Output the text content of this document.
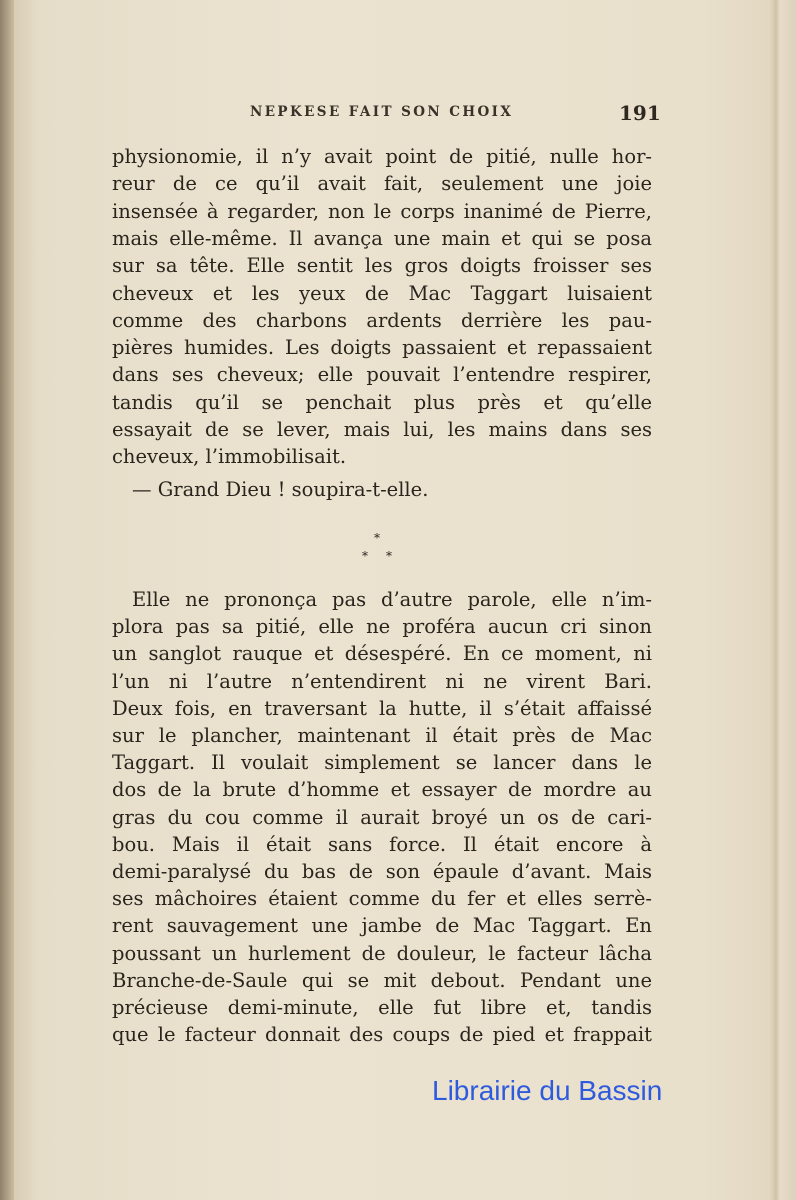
NEPKESE FAIT SON CHOIX	191
physionomie, il n’y avait point de pitié, nulle hor-
reur de ce qu’il avait fait, seulement une joie
insensée à regarder, non le corps inanimé de Pierre,
mais elle-même. Il avança une main et qui se posa
sur sa tête. Elle sentit les gros doigts froisser ses
cheveux et les yeux de Mac Taggart luisaient
comme des charbons ardents derrière les pau-
pières humides. Les doigts passaient et repassaient
dans ses cheveux; elle pouvait l’entendre respirer,
tandis qu’il se penchait plus près et qu’elle
essayait de se lever, mais lui, les mains dans ses
cheveux, l’immobilisait.
— Grand Dieu ! soupira-t-elle.
Elle ne prononça pas d’autre parole, elle n’im-
plora pas sa pitié, elle ne proféra aucun cri sinon
un sanglot rauque et désespéré. En ce moment, ni
l’un ni l’autre n’entendirent ni ne virent Bari.
Deux fois, en traversant la hutte, il s’était affaissé
sur le plancher, maintenant il était près de Mac
Taggart. Il voulait simplement se lancer dans le
dos de la brute d’homme et essayer de mordre au
gras du cou comme il aurait broyé un os de cari-
bou. Mais il était sans force. Il était encore à
demi-paralysé du bas de son épaule d’avant. Mais
ses mâchoires étaient comme du fer et elles serrè-
rent sauvagement une jambe de Mac Taggart. En
poussant un hurlement de douleur, le facteur lâcha
Branche-de-Saule qui se mit debout. Pendant une
précieuse demi-minute, elle fut libre et, tandis
que le facteur donnait des coups de pied et frappait
*
* *
Librairie du Bassin
